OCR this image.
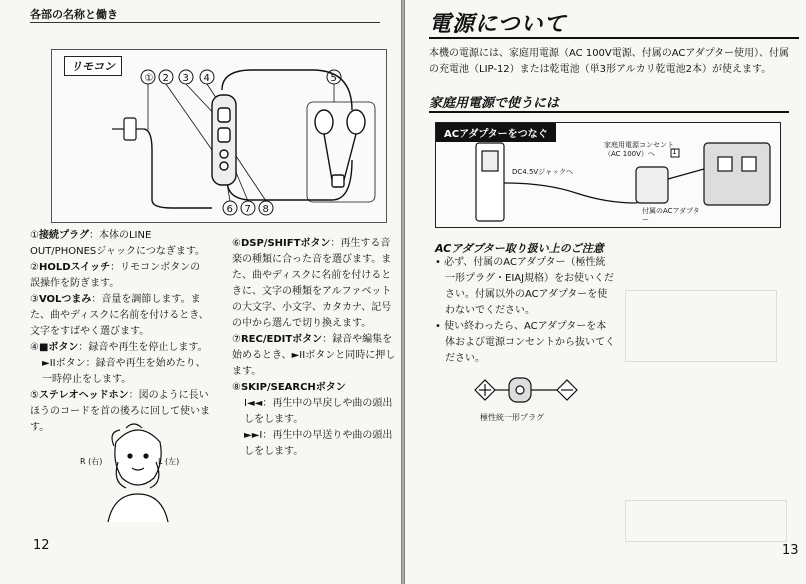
各部の名称と働き
リモコン
① 2 3 4	5
6 7 8
①接続プラグ：本体のLINE OUT/PHONESジャックにつなぎます。
②HOLDスイッチ：リモコンボタンの誤操作を防ぎます。
③VOLつまみ：音量を調節します。また、曲やディスクに名前を付けるとき、文字をすばやく選びます。
④■ボタン：録音や再生を停止します。
►IIボタン：録音や再生を始めたり、一時停止をします。
⑤ステレオヘッドホン：図のように長いほうのコードを首の後ろに回して使います。
R (右)	L (左)
⑥DSP/SHIFTボタン：再生する音楽の種類に合った音を選びます。また、曲やディスクに名前を付けるときに、文字の種類をアルファベットの大文字、小文字、カタカナ、記号の中から選んで切り換えます。
⑦REC/EDITボタン：録音や編集を始めるとき、►IIボタンと同時に押します。
⑧SKIP/SEARCHボタン
I◄◄：再生中の早戻しや曲の頭出しをします。
►►I：再生中の早送りや曲の頭出しをします。
12
電源について
本機の電源には、家庭用電源（AC 100V電源、付属のACアダプター使用）、付属の充電池（LIP-12）または乾電池（単3形アルカリ乾電池2本）が使えます。
家庭用電源で使うには
ACアダプターをつなぐ
DC4.5Vジャックへ
家庭用電源コンセント（AC 100V）へ	1
付属のACアダプター
ACアダプター取り扱い上のご注意
• 必ず、付属のACアダプター（極性統一形プラグ・EIAJ規格）をお使いください。付属以外のACアダプターを使わないでください。
• 使い終わったら、ACアダプターを本体および電源コンセントから抜いてください。
極性統一形プラグ
13
